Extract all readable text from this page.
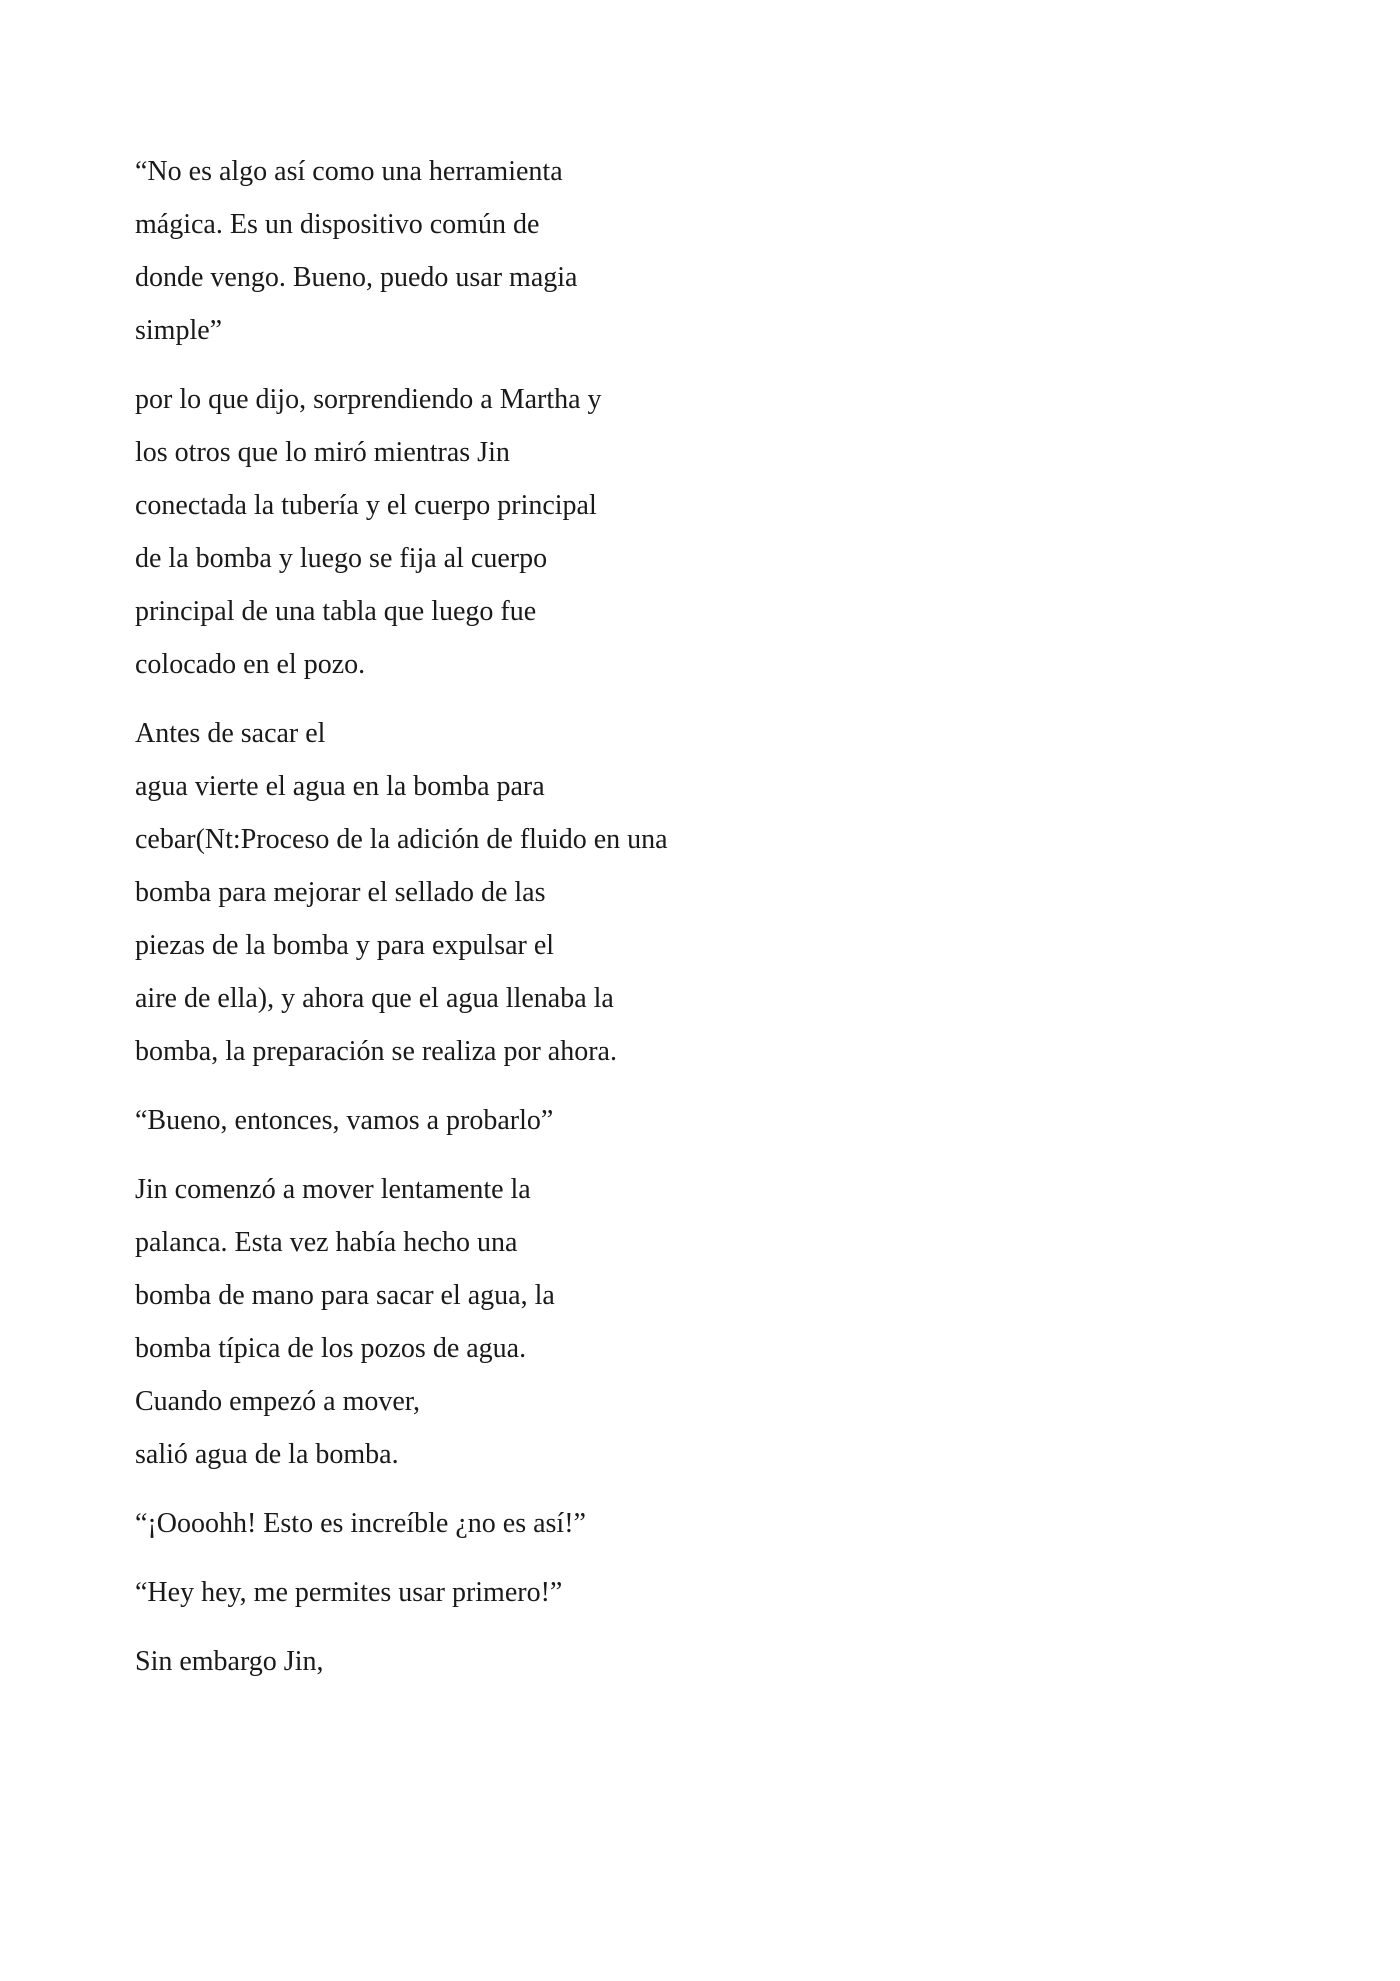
“No es algo así como una herramienta
mágica. Es un dispositivo común de
donde vengo. Bueno, puedo usar magia
simple”

por lo que dijo, sorprendiendo a Martha y
los otros que lo miró mientras Jin
conectada la tubería y el cuerpo principal
de la bomba y luego se fija al cuerpo
principal de una tabla que luego fue
colocado en el pozo.

Antes de sacar el
agua vierte el agua en la bomba para
cebar(Nt:Proceso de la adición de fluido en una
bomba para mejorar el sellado de las
piezas de la bomba y para expulsar el
aire de ella), y ahora que el agua llenaba la
bomba, la preparación se realiza por ahora.

“Bueno, entonces, vamos a probarlo”

Jin comenzó a mover lentamente la
palanca. Esta vez había hecho una
bomba de mano para sacar el agua, la
bomba típica de los pozos de agua.
Cuando empezó a mover,
salió agua de la bomba.

“¡Oooohh! Esto es increíble ¿no es así!”

“Hey hey, me permites usar primero!”

Sin embargo Jin,
